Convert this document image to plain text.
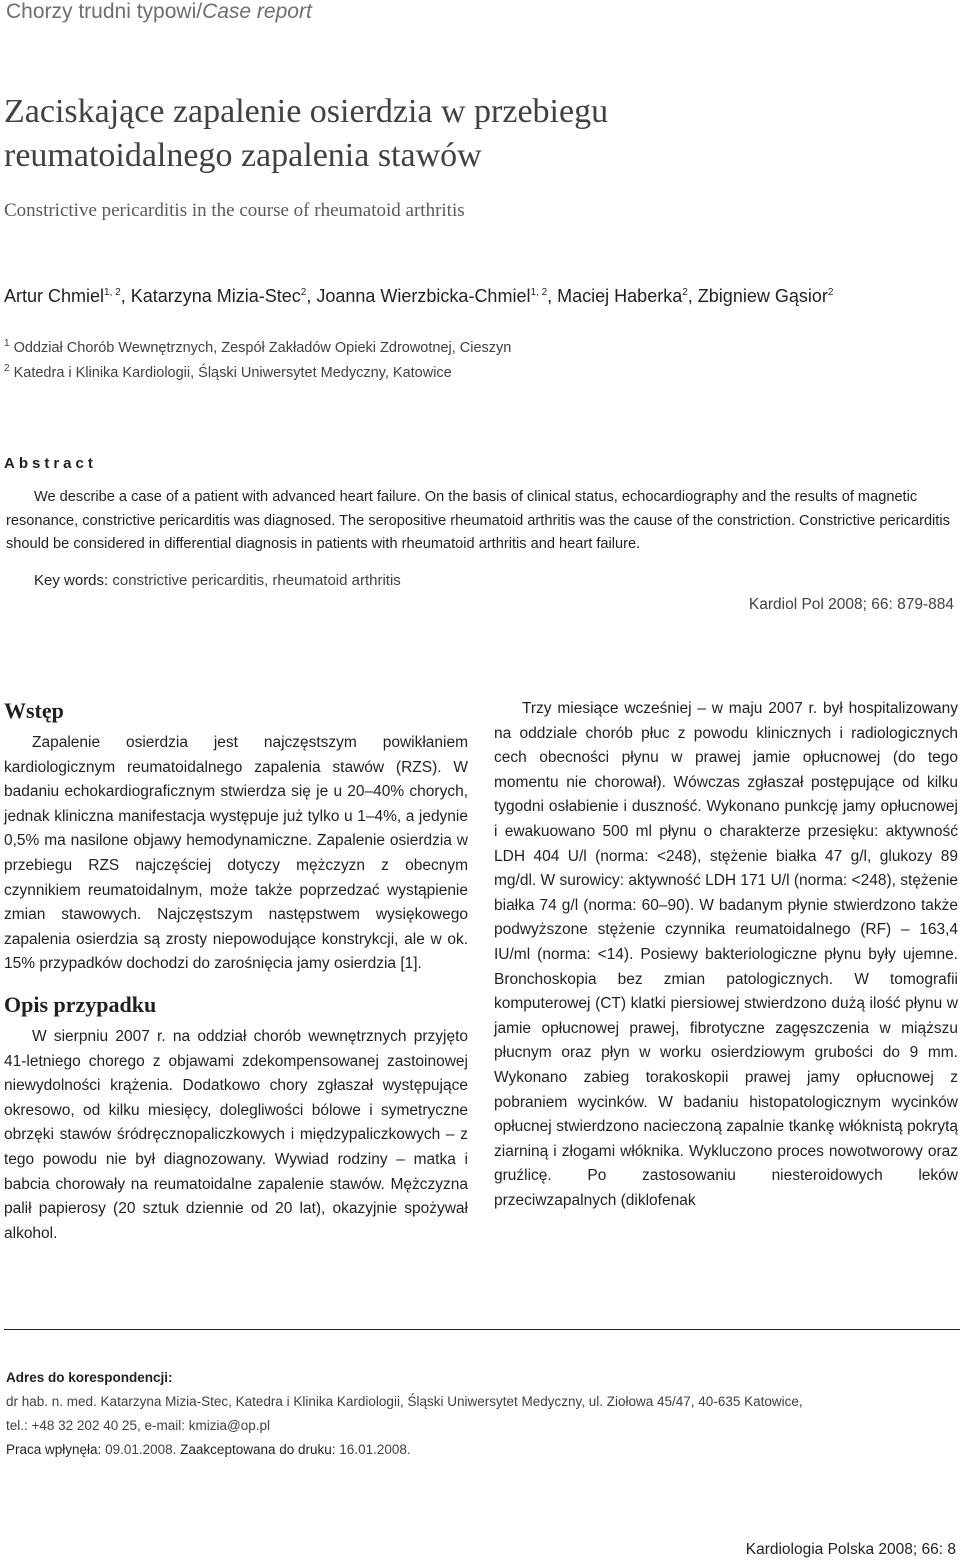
Chorzy trudni typowi/Case report
Zaciskające zapalenie osierdzia w przebiegu
reumatoidalnego zapalenia stawów
Constrictive pericarditis in the course of rheumatoid arthritis
Artur Chmiel$^{1, 2}$, Katarzyna Mizia-Stec$^2$, Joanna Wierzbicka-Chmiel$^{1, 2}$, Maciej Haberka$^2$, Zbigniew Gąsior$^2$
$^1$ Oddział Chorób Wewnętrznych, Zespół Zakładów Opieki Zdrowotnej, Cieszyn
$^2$ Katedra i Klinika Kardiologii, Śląski Uniwersytet Medyczny, Katowice
Abstract

We describe a case of a patient with advanced heart failure. On the basis of clinical status, echocardiography and the results of magnetic resonance, constrictive pericarditis was diagnosed. The seropositive rheumatoid arthritis was the cause of the constriction. Constrictive pericarditis should be considered in differential diagnosis in patients with rheumatoid arthritis and heart failure.

Key words: constrictive pericarditis, rheumatoid arthritis
Kardiol Pol 2008; 66: 879-884
Wstęp

Zapalenie osierdzia jest najczęstszym powikłaniem kardiologicznym reumatoidalnego zapalenia stawów (RZS). W badaniu echokardiograficznym stwierdza się je u 20–40% chorych, jednak kliniczna manifestacja występuje już tylko u 1–4%, a jedynie 0,5% ma nasilone objawy hemodynamiczne. Zapalenie osierdzia w przebiegu RZS najczęściej dotyczy mężczyzn z obecnym czynnikiem reumatoidalnym, może także poprzedzać wystąpienie zmian stawowych. Najczęstszym następstwem wysiękowego zapalenia osierdzia są zrosty niepowodujące konstrykcji, ale w ok. 15% przypadków dochodzi do zarośnięcia jamy osierdzia [1].

Opis przypadku

W sierpniu 2007 r. na oddział chorób wewnętrznych przyjęto 41-letniego chorego z objawami zdekompensowanej zastoinowej niewydolności krążenia. Dodatkowo chory zgłaszał występujące okresowo, od kilku miesięcy, dolegliwości bólowe i symetryczne obrzęki stawów śródręcznopaliczkowych i międzypaliczkowych – z tego powodu nie był diagnozowany. Wywiad rodziny – matka i babcia chorowały na reumatoidalne zapalenie stawów. Mężczyzna palił papierosy (20 sztuk dziennie od 20 lat), okazyjnie spożywał alkohol.

Trzy miesiące wcześniej – w maju 2007 r. był hospitalizowany na oddziale chorób płuc z powodu klinicznych i radiologicznych cech obecności płynu w prawej jamie opłucnowej (do tego momentu nie chorował). Wówczas zgłaszał postępujące od kilku tygodni osłabienie i duszność. Wykonano punkcję jamy opłucnowej i ewakuowano 500 ml płynu o charakterze przesięku: aktywność LDH 404 U/l (norma: <248), stężenie białka 47 g/l, glukozy 89 mg/dl. W surowicy: aktywność LDH 171 U/l (norma: <248), stężenie białka 74 g/l (norma: 60–90). W badanym płynie stwierdzono także podwyższone stężenie czynnika reumatoidalnego (RF) – 163,4 IU/ml (norma: <14). Posiewy bakteriologiczne płynu były ujemne. Bronchoskopia bez zmian patologicznych. W tomografii komputerowej (CT) klatki piersiowej stwierdzono dużą ilość płynu w jamie opłucnowej prawej, fibrotyczne zagęszczenia w miąższu płucnym oraz płyn w worku osierdziowym grubości do 9 mm. Wykonano zabieg torakoskopii prawej jamy opłucnowej z pobraniem wycinków. W badaniu histopatologicznym wycinków opłucnej stwierdzono nacieczoną zapalnie tkankę włóknistą pokrytą ziarniną i złogami włóknika. Wykluczono proces nowotworowy oraz gruźlicę. Po zastosowaniu niesteroidowych leków przeciwzapalnych (diklofenak

Adres do korespondencji:
dr hab. n. med. Katarzyna Mizia-Stec, Katedra i Klinika Kardiologii, Śląski Uniwersytet Medyczny, ul. Ziołowa 45/47, 40-635 Katowice,
tel.: +48 32 202 40 25, e-mail: kmizia@op.pl
Praca wpłynęła: 09.01.2008. Zaakceptowana do druku: 16.01.2008.
Kardiologia Polska 2008; 66: 8
